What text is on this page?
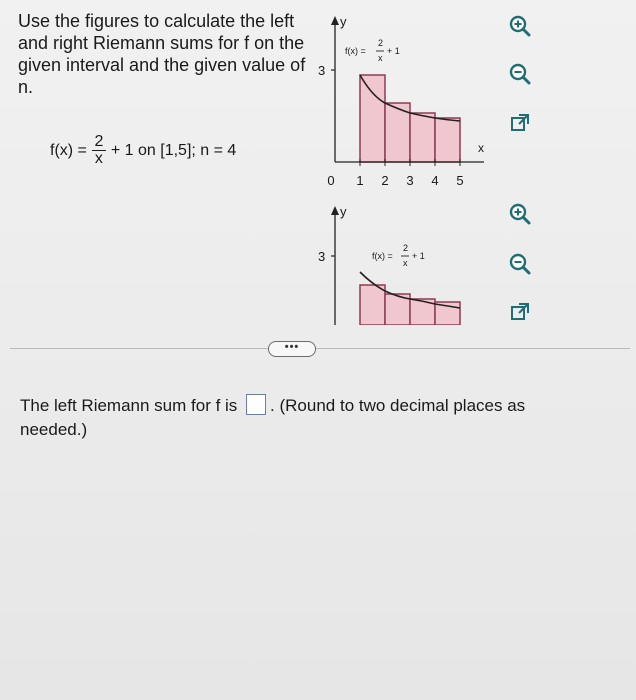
Use the figures to calculate the left and right Riemann sums for f on the given interval and the given value of n.

$f(x) = \frac{2}{x} + 1$ on [1,5]; n = 4
y
x
3
0 1 2 3 4 5
f(x) =
2
x
+ 1
y
3	f(x) =
2
x
+ 1
•••
The left Riemann sum for f is . (Round to two decimal places as needed.)
